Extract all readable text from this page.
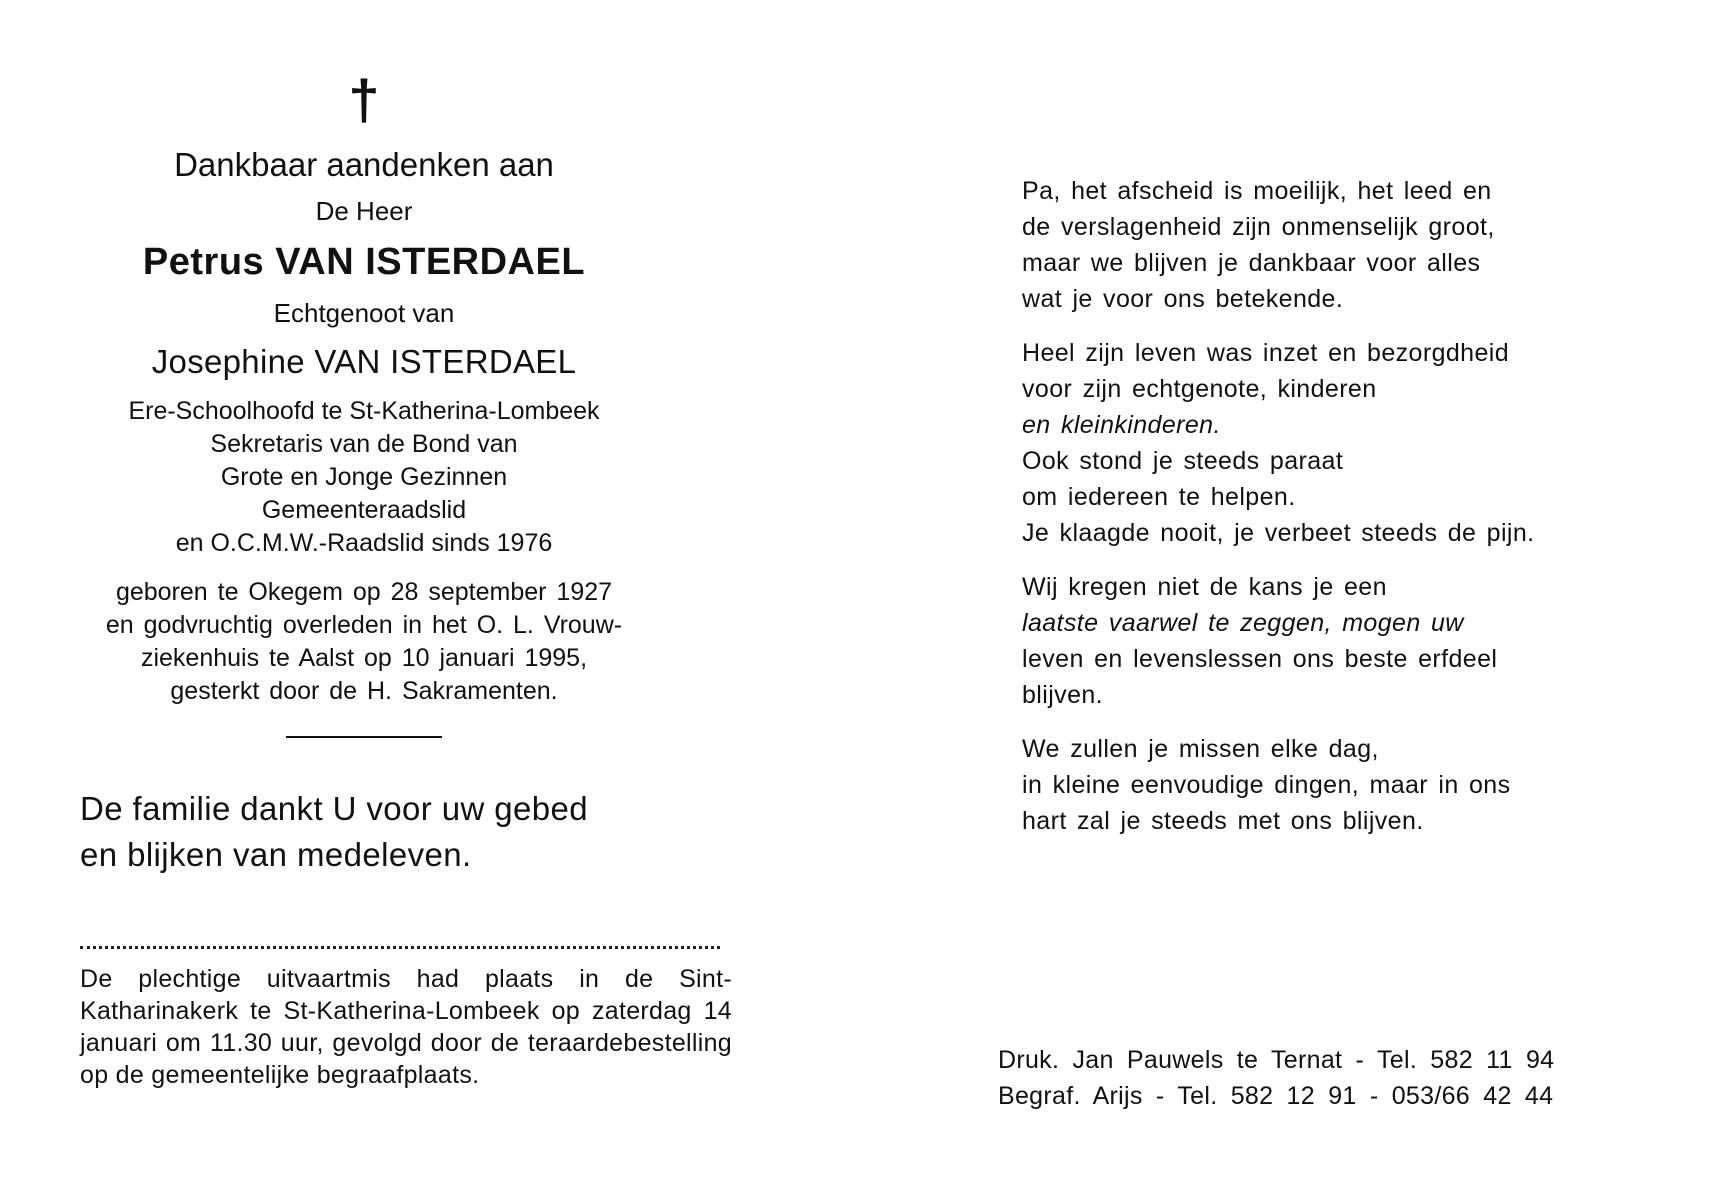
†
Dankbaar aandenken aan
De Heer
Petrus VAN ISTERDAEL
Echtgenoot van
Josephine VAN ISTERDAEL
Ere-Schoolhoofd te St-Katherina-Lombeek
Sekretaris van de Bond van
Grote en Jonge Gezinnen
Gemeenteraadslid
en O.C.M.W.-Raadslid sinds 1976
geboren te Okegem op 28 september 1927
en godvruchtig overleden in het O. L. Vrouw-
ziekenhuis te Aalst op 10 januari 1995,
gesterkt door de H. Sakramenten.
De familie dankt U voor uw gebed
en blijken van medeleven.
De plechtige uitvaartmis had plaats in de Sint-Katharinakerk te St-Katherina-Lombeek op zaterdag 14 januari om 11.30 uur, gevolgd door de teraardebestelling op de gemeentelijke begraafplaats.

Pa, het afscheid is moeilijk, het leed en
de verslagenheid zijn onmenselijk groot,
maar we blijven je dankbaar voor alles
wat je voor ons betekende.

Heel zijn leven was inzet en bezorgdheid
voor zijn echtgenote, kinderen
en kleinkinderen.
Ook stond je steeds paraat
om iedereen te helpen.
Je klaagde nooit, je verbeet steeds de pijn.

Wij kregen niet de kans je een
laatste vaarwel te zeggen, mogen uw
leven en levenslessen ons beste erfdeel
blijven.

We zullen je missen elke dag,
in kleine eenvoudige dingen, maar in ons
hart zal je steeds met ons blijven.

Druk. Jan Pauwels te Ternat - Tel. 582 11 94
Begraf. Arijs - Tel. 582 12 91 - 053/66 42 44
